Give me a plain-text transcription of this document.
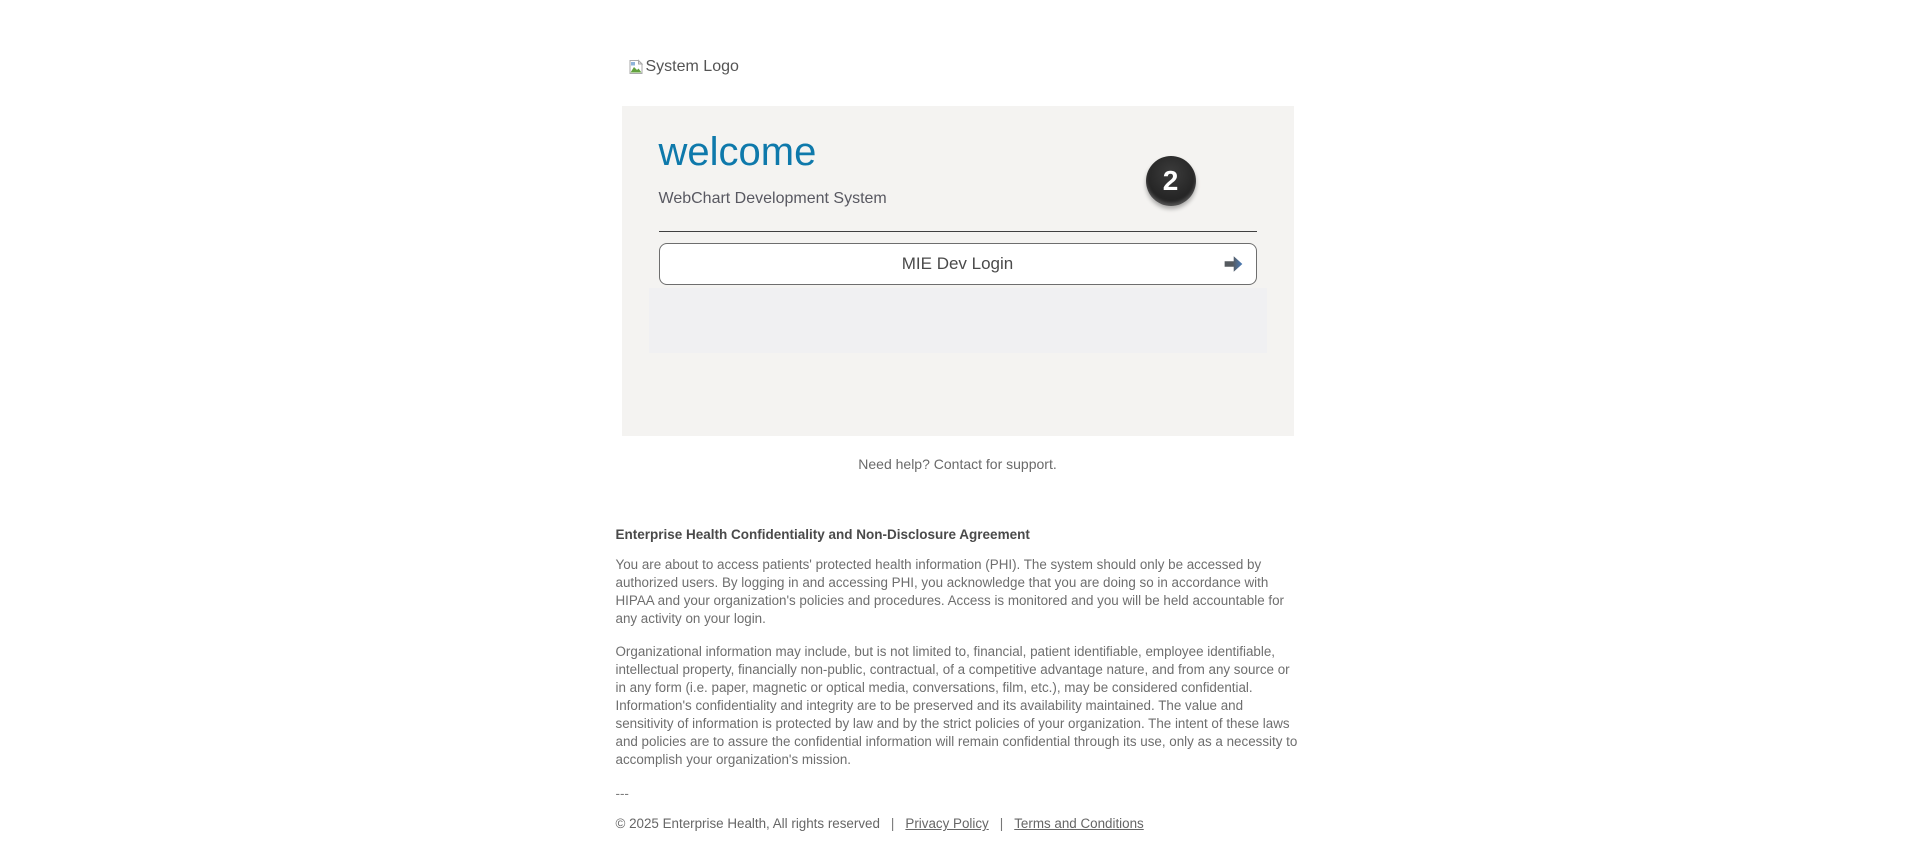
System Logo
welcome
WebChart Development System
MIE Dev Login
2
Need help? Contact for support.
Enterprise Health Confidentiality and Non-Disclosure Agreement

You are about to access patients' protected health information (PHI). The system should only be accessed by authorized users. By logging in and accessing PHI, you acknowledge that you are doing so in accordance with HIPAA and your organization's policies and procedures. Access is monitored and you will be held accountable for any activity on your login.

Organizational information may include, but is not limited to, financial, patient identifiable, employee identifiable, intellectual property, financially non-public, contractual, of a competitive advantage nature, and from any source or in any form (i.e. paper, magnetic or optical media, conversations, film, etc.), may be considered confidential. Information's confidentiality and integrity are to be preserved and its availability maintained. The value and sensitivity of information is protected by law and by the strict policies of your organization. The intent of these laws and policies are to assure the confidential information will remain confidential through its use, only as a necessity to accomplish your organization's mission.

---
© 2025 Enterprise Health, All rights reserved | Privacy Policy | Terms and Conditions
